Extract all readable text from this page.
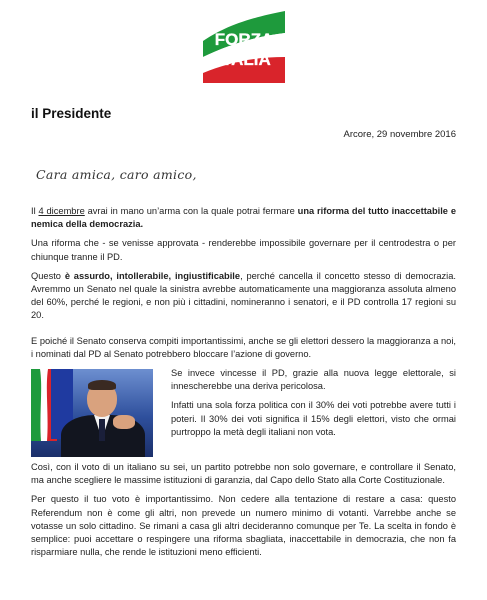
FORZA
ITALIA
il Presidente
Arcore, 29 novembre 2016
Cara amica, caro amico,

Il 4 dicembre avrai in mano un’arma con la quale potrai fermare una riforma del tutto inaccettabile e nemica della democrazia.

Una riforma che - se venisse approvata - renderebbe impossibile governare per il centrodestra o per chiunque tranne il PD.

Questo è assurdo, intollerabile, ingiustificabile, perché cancella il concetto stesso di democrazia. Avremmo un Senato nel quale la sinistra avrebbe automaticamente una maggioranza assoluta almeno del 60%, perché le regioni, e non più i cittadini, nomineranno i senatori, e il PD controlla 17 regioni su 20.

E poiché il Senato conserva compiti importantissimi, anche se gli elettori dessero la maggioranza a noi, i nominati dal PD al Senato potrebbero bloccare l’azione di governo.

Se invece vincesse il PD, grazie alla nuova legge elettorale, si innescherebbe una deriva pericolosa.

Infatti una sola forza politica con il 30% dei voti potrebbe avere tutti i poteri. Il 30% dei voti significa il 15% degli elettori, visto che ormai purtroppo la metà degli italiani non vota.

Così, con il voto di un italiano su sei, un partito potrebbe non solo governare, e controllare il Senato, ma anche scegliere le massime istituzioni di garanzia, dal Capo dello Stato alla Corte Costituzionale.

Per questo il tuo voto è importantissimo. Non cedere alla tentazione di restare a casa: questo Referendum non è come gli altri, non prevede un numero minimo di votanti. Varrebbe anche se votasse un solo cittadino. Se rimani a casa gli altri decideranno comunque per Te. La scelta in fondo è semplice: puoi accettare o respingere una riforma sbagliata, inaccettabile in democrazia, che non fa risparmiare nulla, che rende le istituzioni meno efficienti.
